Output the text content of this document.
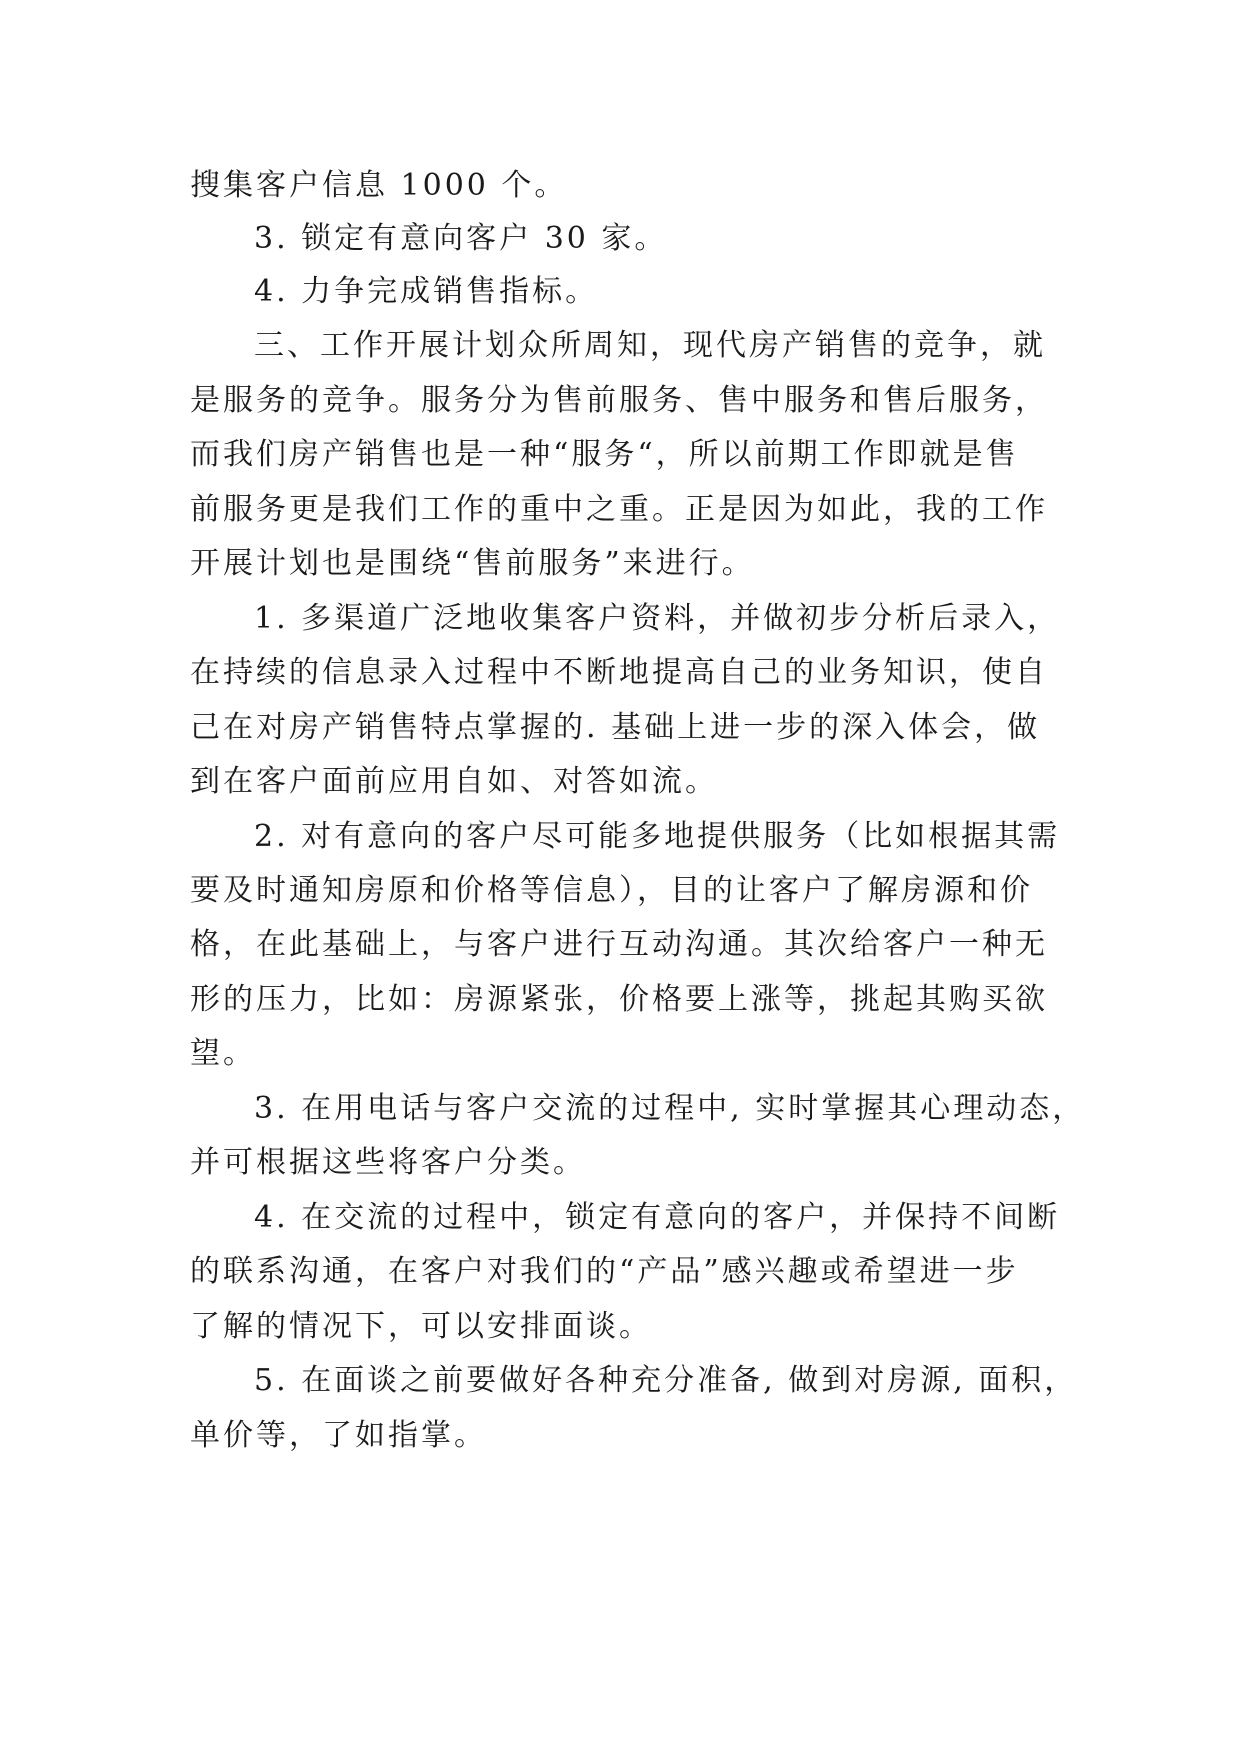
搜集客户信息 1000 个。
3. 锁定有意向客户 30 家。
4. 力争完成销售指标。
三、工作开展计划众所周知，现代房产销售的竞争，就
是服务的竞争。服务分为售前服务、售中服务和售后服务，
而我们房产销售也是一种“服务“，所以前期工作即就是售
前服务更是我们工作的重中之重。正是因为如此，我的工作
开展计划也是围绕“售前服务”来进行。
1. 多渠道广泛地收集客户资料，并做初步分析后录入，
在持续的信息录入过程中不断地提高自己的业务知识，使自
己在对房产销售特点掌握的. 基础上进一步的深入体会，做
到在客户面前应用自如、对答如流。
2. 对有意向的客户尽可能多地提供服务（比如根据其需
要及时通知房原和价格等信息），目的让客户了解房源和价
格，在此基础上，与客户进行互动沟通。其次给客户一种无
形的压力，比如：房源紧张，价格要上涨等，挑起其购买欲
望。
3. 在用电话与客户交流的过程中, 实时掌握其心理动态，
并可根据这些将客户分类。
4. 在交流的过程中，锁定有意向的客户，并保持不间断
的联系沟通，在客户对我们的“产品”感兴趣或希望进一步
了解的情况下，可以安排面谈。
5. 在面谈之前要做好各种充分准备, 做到对房源, 面积，
单价等，了如指掌。
